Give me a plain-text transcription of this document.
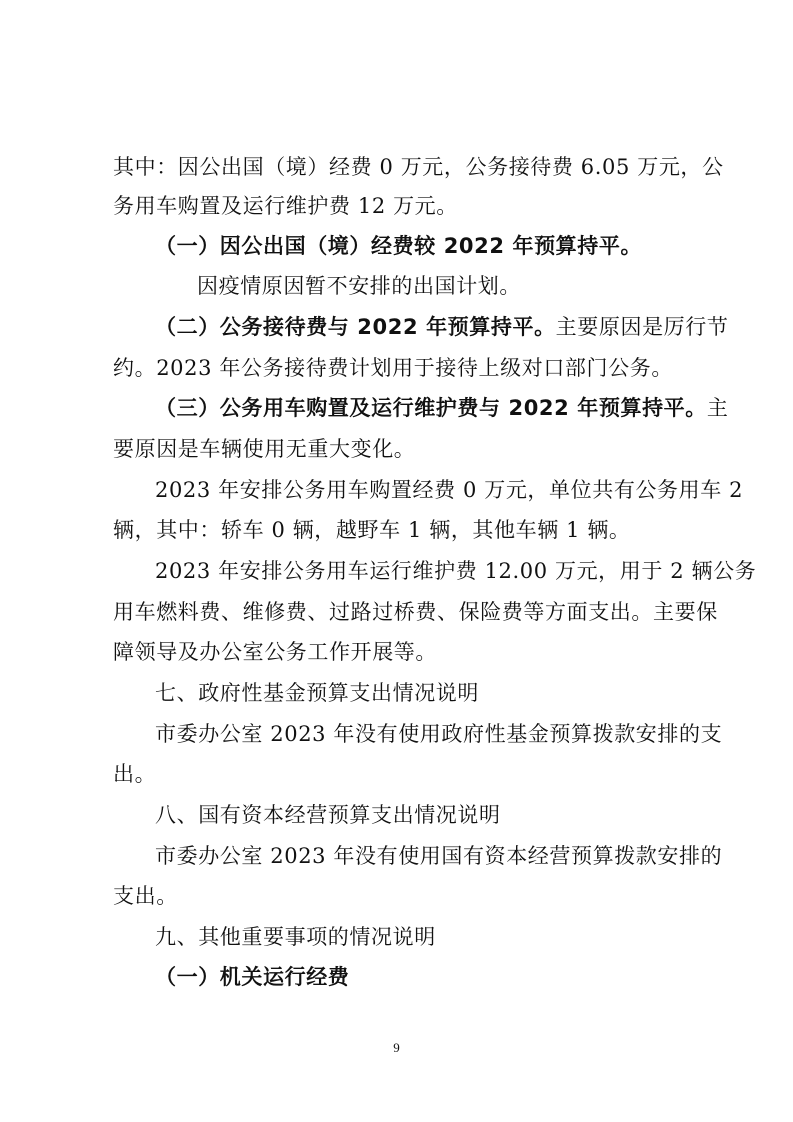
其中：因公出国（境）经费 0 万元，公务接待费 6.05 万元，公
务用车购置及运行维护费 12 万元。
（一）因公出国（境）经费较 2022 年预算持平。
因疫情原因暂不安排的出国计划。
（二）公务接待费与 2022 年预算持平。主要原因是厉行节
约。2023 年公务接待费计划用于接待上级对口部门公务。
（三）公务用车购置及运行维护费与 2022 年预算持平。主
要原因是车辆使用无重大变化。
2023 年安排公务用车购置经费 0 万元，单位共有公务用车 2
辆，其中：轿车 0 辆，越野车 1 辆，其他车辆 1 辆。
2023 年安排公务用车运行维护费 12.00 万元，用于 2 辆公务
用车燃料费、维修费、过路过桥费、保险费等方面支出。主要保
障领导及办公室公务工作开展等。
七、政府性基金预算支出情况说明
市委办公室 2023 年没有使用政府性基金预算拨款安排的支
出。
八、国有资本经营预算支出情况说明
市委办公室 2023 年没有使用国有资本经营预算拨款安排的
支出。
九、其他重要事项的情况说明
（一）机关运行经费
9
